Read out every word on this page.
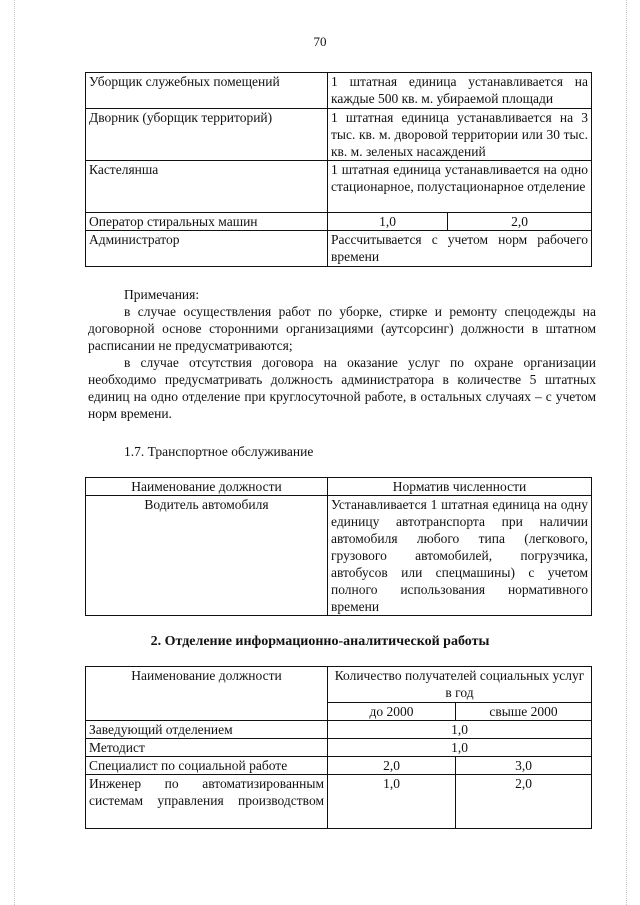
70
Уборщик служебных помещений	1 штатная единица устанавливается на каждые 500 кв. м. убираемой площади	
Дворник (уборщик территорий)	1 штатная единица устанавливается на 3 тыс. кв. м. дворовой территории или 30 тыс. кв. м. зеленых насаждений	
Кастелянша	1 штатная единица устанавливается на одно стационарное, полустационарное отделение	
Оператор стиральных машин	1,0	2,0
Администратор	Рассчитывается с учетом норм рабочего времени	

Примечания:

в случае осуществления работ по уборке, стирке и ремонту спецодежды на договорной основе сторонними организациями (аутсорсинг) должности в штатном расписании не предусматриваются;

в случае отсутствия договора на оказание услуг по охране организации необходимо предусматривать должность администратора в количестве 5 штатных единиц на одно отделение при круглосуточной работе, в остальных случаях – с учетом норм времени.

1.7. Транспортное обслуживание
Наименование должности	Норматив численности
Водитель автомобиля	Устанавливается 1 штатная единица на одну единицу автотранспорта при наличии автомобиля любого типа (легкового, грузового автомобилей, погрузчика, автобусов или спецмашины) с учетом полного использования нормативного времени
2. Отделение информационно-аналитической работы
Наименование должности	Количество получателей социальных услуг в год	
	до 2000	свыше 2000
Заведующий отделением	1,0	
Методист	1,0	
Специалист по социальной работе	2,0	3,0
Инженер по автоматизированным системам управления производством	1,0	2,0
